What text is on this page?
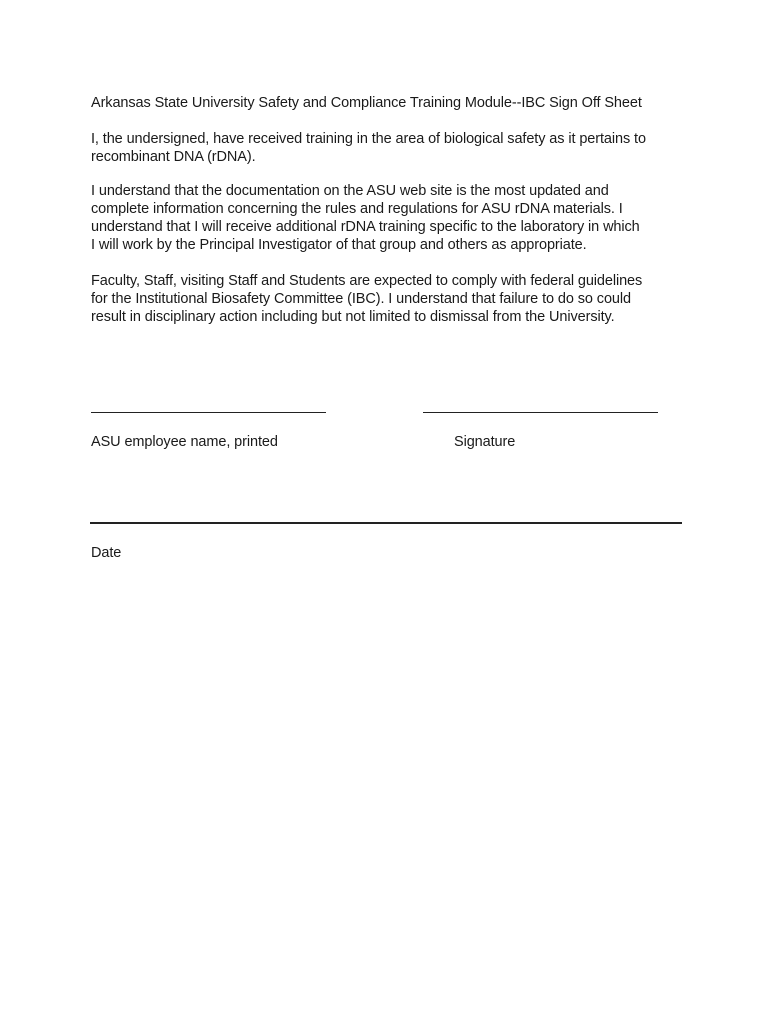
Arkansas State University Safety and Compliance Training Module--IBC Sign Off Sheet
I, the undersigned, have received training in the area of biological safety as it pertains to
recombinant DNA (rDNA).
I understand that the documentation on the ASU web site is the most updated and
complete information concerning the rules and regulations for ASU rDNA materials. I
understand that I will receive additional rDNA training specific to the laboratory in which
I will work by the Principal Investigator of that group and others as appropriate.
Faculty, Staff, visiting Staff and Students are expected to comply with federal guidelines
for the Institutional Biosafety Committee (IBC). I understand that failure to do so could
result in disciplinary action including but not limited to dismissal from the University.
ASU employee name, printed	Signature
Date
